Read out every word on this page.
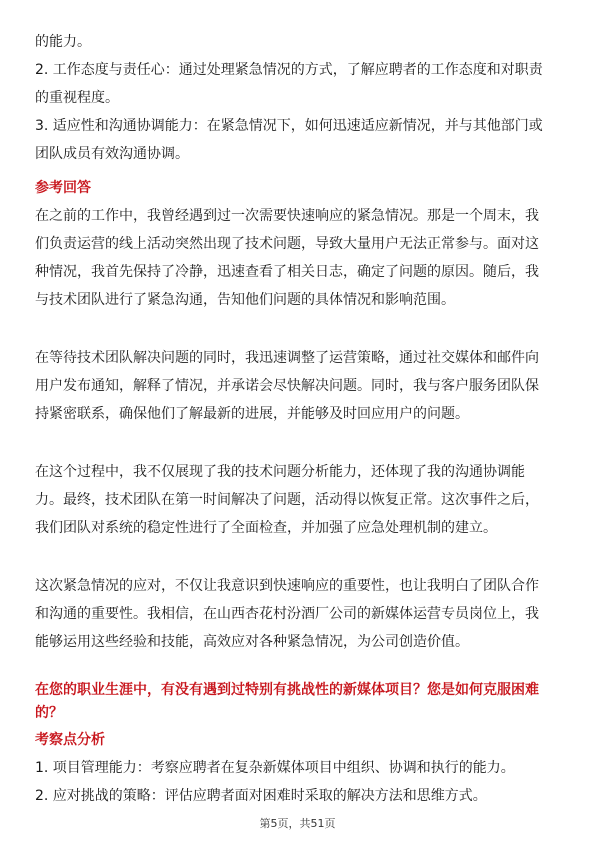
的能力。
2. 工作态度与责任心：通过处理紧急情况的方式，了解应聘者的工作态度和对职责
的重视程度。
3. 适应性和沟通协调能力：在紧急情况下，如何迅速适应新情况，并与其他部门或
团队成员有效沟通协调。
参考回答
在之前的工作中，我曾经遇到过一次需要快速响应的紧急情况。那是一个周末，我
们负责运营的线上活动突然出现了技术问题，导致大量用户无法正常参与。面对这
种情况，我首先保持了冷静，迅速查看了相关日志，确定了问题的原因。随后，我
与技术团队进行了紧急沟通，告知他们问题的具体情况和影响范围。
在等待技术团队解决问题的同时，我迅速调整了运营策略，通过社交媒体和邮件向
用户发布通知，解释了情况，并承诺会尽快解决问题。同时，我与客户服务团队保
持紧密联系，确保他们了解最新的进展，并能够及时回应用户的问题。
在这个过程中，我不仅展现了我的技术问题分析能力，还体现了我的沟通协调能
力。最终，技术团队在第一时间解决了问题，活动得以恢复正常。这次事件之后，
我们团队对系统的稳定性进行了全面检查，并加强了应急处理机制的建立。
这次紧急情况的应对，不仅让我意识到快速响应的重要性，也让我明白了团队合作
和沟通的重要性。我相信，在山西杏花村汾酒厂公司的新媒体运营专员岗位上，我
能够运用这些经验和技能，高效应对各种紧急情况，为公司创造价值。
在您的职业生涯中，有没有遇到过特别有挑战性的新媒体项目？您是如何克服困难
的？
考察点分析
1. 项目管理能力：考察应聘者在复杂新媒体项目中组织、协调和执行的能力。
2. 应对挑战的策略：评估应聘者面对困难时采取的解决方法和思维方式。
第5页，共51页
